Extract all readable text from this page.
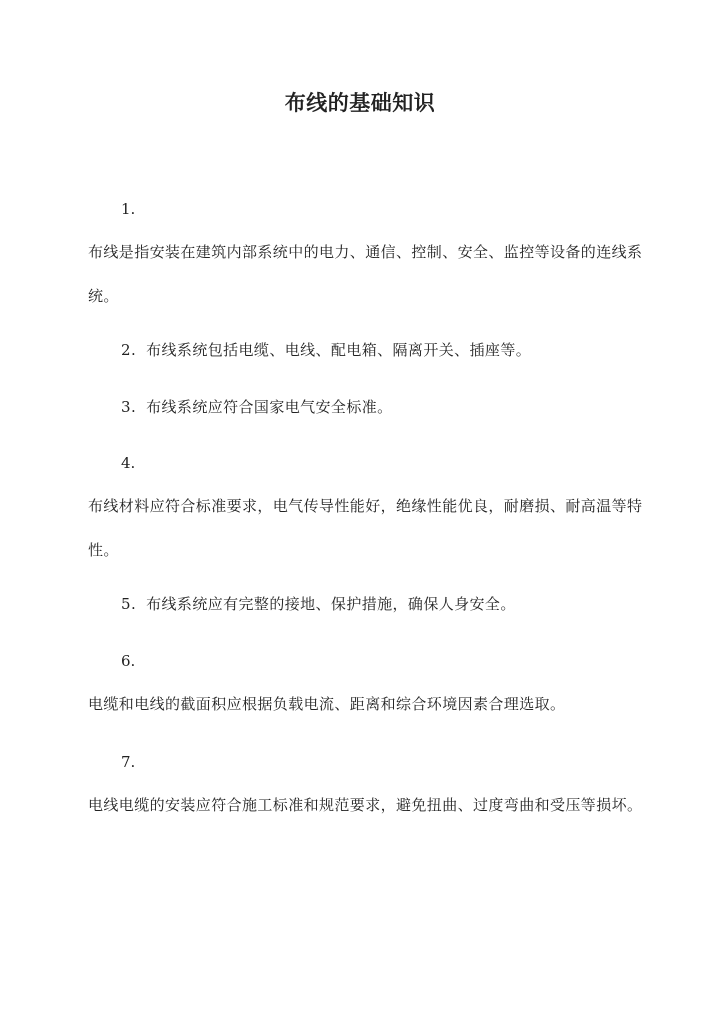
布线的基础知识
1.
布线是指安装在建筑内部系统中的电力、通信、控制、安全、监控等设备的连线系统。
2. 布线系统包括电缆、电线、配电箱、隔离开关、插座等。
3. 布线系统应符合国家电气安全标准。
4.
布线材料应符合标准要求，电气传导性能好，绝缘性能优良，耐磨损、耐高温等特性。
5. 布线系统应有完整的接地、保护措施，确保人身安全。
6.
电缆和电线的截面积应根据负载电流、距离和综合环境因素合理选取。
7.
电线电缆的安装应符合施工标准和规范要求，避免扭曲、过度弯曲和受压等损坏。
